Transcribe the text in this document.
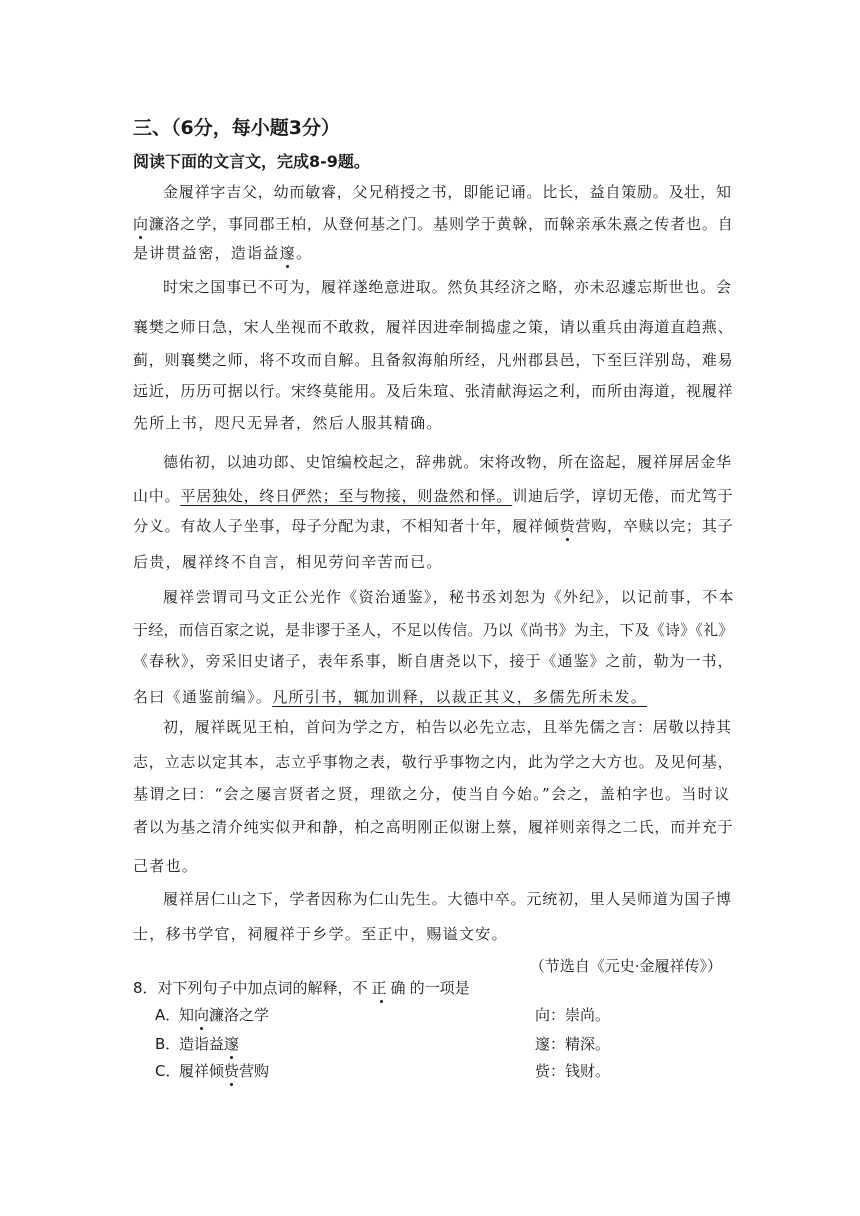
三、（6分，每小题3分）
阅读下面的文言文，完成8-9题。
金履祥字吉父，幼而敏睿，父兄稍授之书，即能记诵。比长，益自策励。及壮，知
向濂洛之学，事同郡王柏，从登何基之门。基则学于黄榦，而榦亲承朱熹之传者也。自
是讲贯益密，造诣益邃。
时宋之国事已不可为，履祥遂绝意进取。然负其经济之略，亦未忍遽忘斯世也。会
襄樊之师日急，宋人坐视而不敢救，履祥因进牵制捣虚之策，请以重兵由海道直趋燕、
蓟，则襄樊之师，将不攻而自解。且备叙海舶所经，凡州郡县邑，下至巨洋别岛，难易
远近，历历可据以行。宋终莫能用。及后朱瑄、张清献海运之利，而所由海道，视履祥
先所上书，咫尺无异者，然后人服其精确。
德佑初，以迪功郎、史馆编校起之，辞弗就。宋将改物，所在盗起，履祥屏居金华
山中。平居独处，终日俨然；至与物接，则盎然和怿。训迪后学，谆切无倦，而尤笃于
分义。有故人子坐事，母子分配为隶，不相知者十年，履祥倾赀营购，卒赎以完；其子
后贵，履祥终不自言，相见劳问辛苦而已。
履祥尝谓司马文正公光作《资治通鉴》，秘书丞刘恕为《外纪》，以记前事，不本
于经，而信百家之说，是非谬于圣人，不足以传信。乃以《尚书》为主，下及《诗》《礼》
《春秋》，旁采旧史诸子，表年系事，断自唐尧以下，接于《通鉴》之前，勒为一书，
名曰《通鉴前编》。凡所引书，辄加训释，以裁正其义，多儒先所未发。
初，履祥既见王柏，首问为学之方，柏告以必先立志，且举先儒之言：居敬以持其
志，立志以定其本，志立乎事物之表，敬行乎事物之内，此为学之大方也。及见何基，
基谓之曰：“会之屡言贤者之贤，理欲之分，使当自今始。”会之，盖柏字也。当时议
者以为基之清介纯实似尹和静，柏之高明刚正似谢上蔡，履祥则亲得之二氏，而并充于
己者也。
履祥居仁山之下，学者因称为仁山先生。大德中卒。元统初，里人吴师道为国子博
士，移书学官，祠履祥于乡学。至正中，赐谥文安。
（节选自《元史·金履祥传》）
8．对下列句子中加点词的解释，不正确的一项是
A．知向濂洛之学	向：崇尚。
B．造诣益邃	邃：精深。
C．履祥倾赀营购	赀：钱财。
